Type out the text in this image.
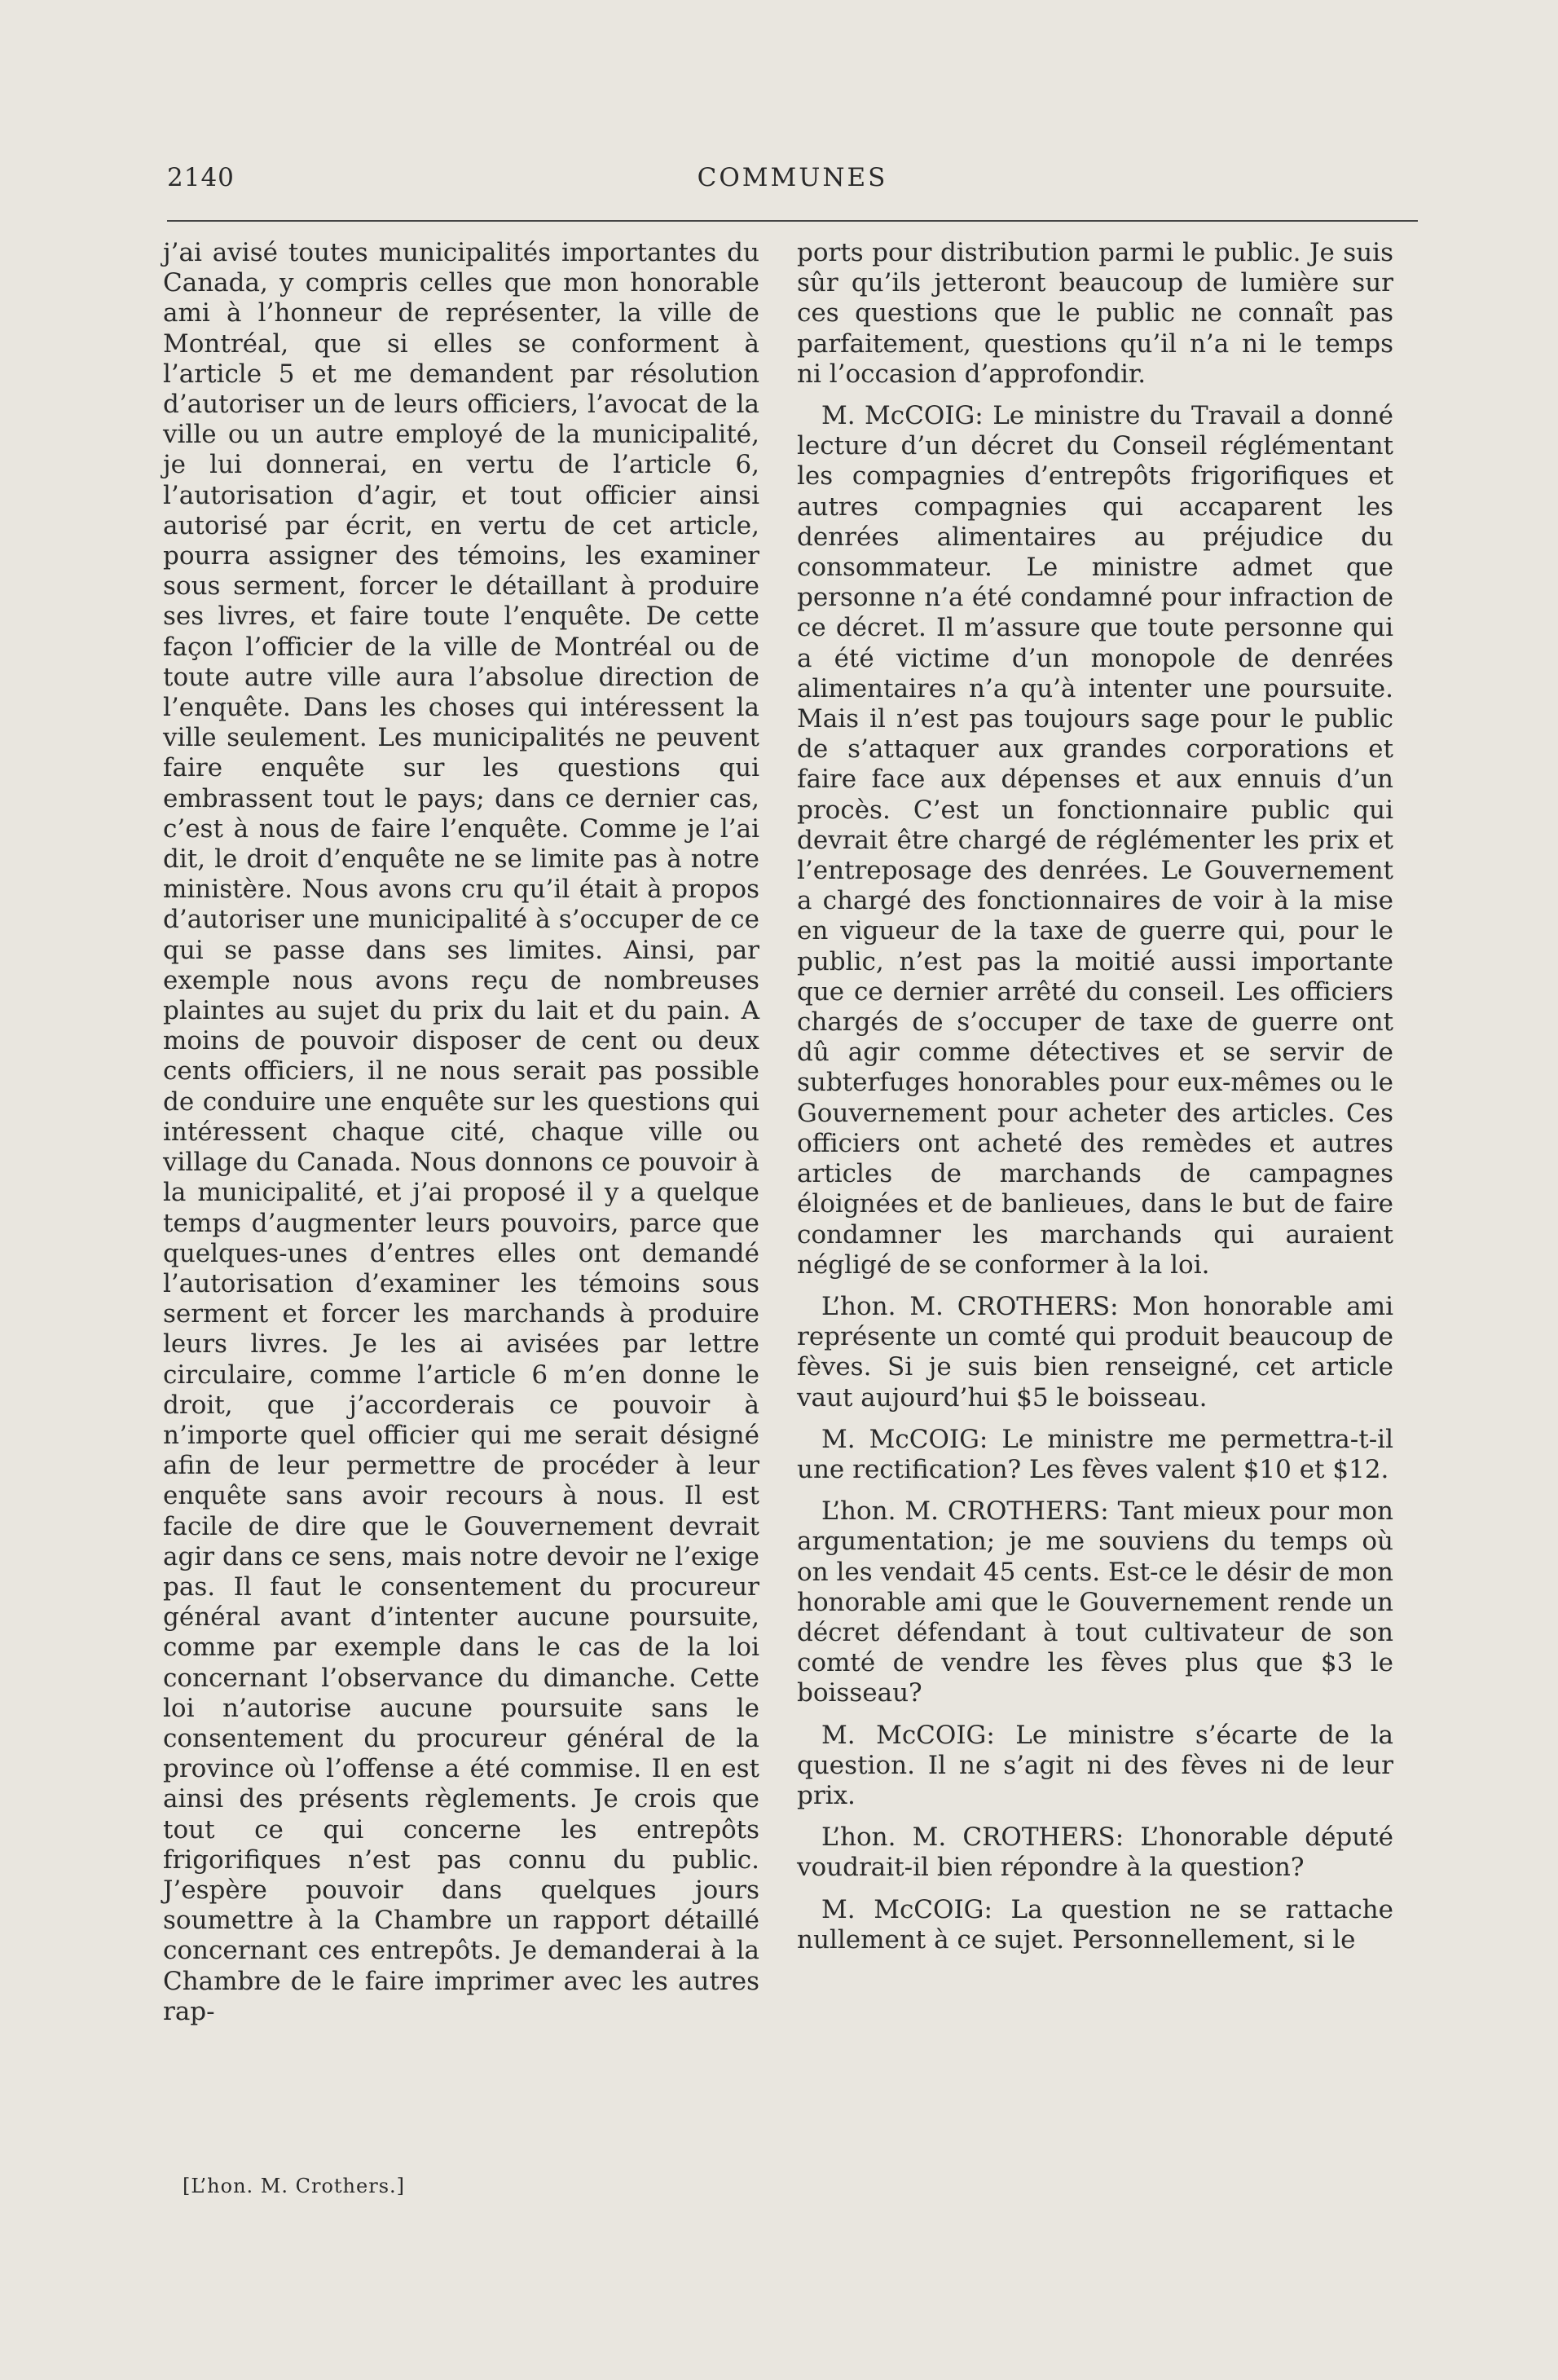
2140	COMMUNES

j’ai avisé toutes municipalités importantes du Canada, y compris celles que mon honorable ami à l’honneur de représenter, la ville de Montréal, que si elles se conforment à l’article 5 et me demandent par résolution d’autoriser un de leurs officiers, l’avocat de la ville ou un autre employé de la municipalité, je lui donnerai, en vertu de l’article 6, l’autorisation d’agir, et tout officier ainsi autorisé par écrit, en vertu de cet article, pourra assigner des témoins, les examiner sous serment, forcer le détaillant à produire ses livres, et faire toute l’enquête. De cette façon l’officier de la ville de Montréal ou de toute autre ville aura l’absolue direction de l’enquête. Dans les choses qui intéressent la ville seulement. Les municipalités ne peuvent faire enquête sur les questions qui embrassent tout le pays; dans ce dernier cas, c’est à nous de faire l’enquête. Comme je l’ai dit, le droit d’enquête ne se limite pas à notre ministère. Nous avons cru qu’il était à propos d’autoriser une municipalité à s’occuper de ce qui se passe dans ses limites. Ainsi, par exemple nous avons reçu de nombreuses plaintes au sujet du prix du lait et du pain. A moins de pouvoir disposer de cent ou deux cents officiers, il ne nous serait pas possible de conduire une enquête sur les questions qui intéressent chaque cité, chaque ville ou village du Canada. Nous donnons ce pouvoir à la municipalité, et j’ai proposé il y a quelque temps d’augmenter leurs pouvoirs, parce que quelques-unes d’entres elles ont demandé l’autorisation d’examiner les témoins sous serment et forcer les marchands à produire leurs livres. Je les ai avisées par lettre circulaire, comme l’article 6 m’en donne le droit, que j’accorderais ce pouvoir à n’importe quel officier qui me serait désigné afin de leur permettre de procéder à leur enquête sans avoir recours à nous. Il est facile de dire que le Gouvernement devrait agir dans ce sens, mais notre devoir ne l’exige pas. Il faut le consentement du procureur général avant d’intenter aucune poursuite, comme par exemple dans le cas de la loi concernant l’observance du dimanche. Cette loi n’autorise aucune poursuite sans le consentement du procureur général de la province où l’offense a été commise. Il en est ainsi des présents règlements. Je crois que tout ce qui concerne les entrepôts frigorifiques n’est pas connu du public. J’espère pouvoir dans quelques jours soumettre à la Chambre un rapport détaillé concernant ces entrepôts. Je demanderai à la Chambre de le faire imprimer avec les autres rap-

ports pour distribution parmi le public. Je suis sûr qu’ils jetteront beaucoup de lumière sur ces questions que le public ne connaît pas parfaitement, questions qu’il n’a ni le temps ni l’occasion d’approfondir.

M. McCOIG: Le ministre du Travail a donné lecture d’un décret du Conseil réglémentant les compagnies d’entrepôts frigorifiques et autres compagnies qui accaparent les denrées alimentaires au préjudice du consommateur. Le ministre admet que personne n’a été condamné pour infraction de ce décret. Il m’assure que toute personne qui a été victime d’un monopole de denrées alimentaires n’a qu’à intenter une poursuite. Mais il n’est pas toujours sage pour le public de s’attaquer aux grandes corporations et faire face aux dépenses et aux ennuis d’un procès. C’est un fonctionnaire public qui devrait être chargé de réglémenter les prix et l’entreposage des denrées. Le Gouvernement a chargé des fonctionnaires de voir à la mise en vigueur de la taxe de guerre qui, pour le public, n’est pas la moitié aussi importante que ce dernier arrêté du conseil. Les officiers chargés de s’occuper de taxe de guerre ont dû agir comme détectives et se servir de subterfuges honorables pour eux-mêmes ou le Gouvernement pour acheter des articles. Ces officiers ont acheté des remèdes et autres articles de marchands de campagnes éloignées et de banlieues, dans le but de faire condamner les marchands qui auraient négligé de se conformer à la loi.

L’hon. M. CROTHERS: Mon honorable ami représente un comté qui produit beaucoup de fèves. Si je suis bien renseigné, cet article vaut aujourd’hui $5 le boisseau.

M. McCOIG: Le ministre me permettra-t-il une rectification? Les fèves valent $10 et $12.

L’hon. M. CROTHERS: Tant mieux pour mon argumentation; je me souviens du temps où on les vendait 45 cents. Est-ce le désir de mon honorable ami que le Gouvernement rende un décret défendant à tout cultivateur de son comté de vendre les fèves plus que $3 le boisseau?

M. McCOIG: Le ministre s’écarte de la question. Il ne s’agit ni des fèves ni de leur prix.

L’hon. M. CROTHERS: L’honorable député voudrait-il bien répondre à la question?

M. McCOIG: La question ne se rattache nullement à ce sujet. Personnellement, si le

[L’hon. M. Crothers.]
